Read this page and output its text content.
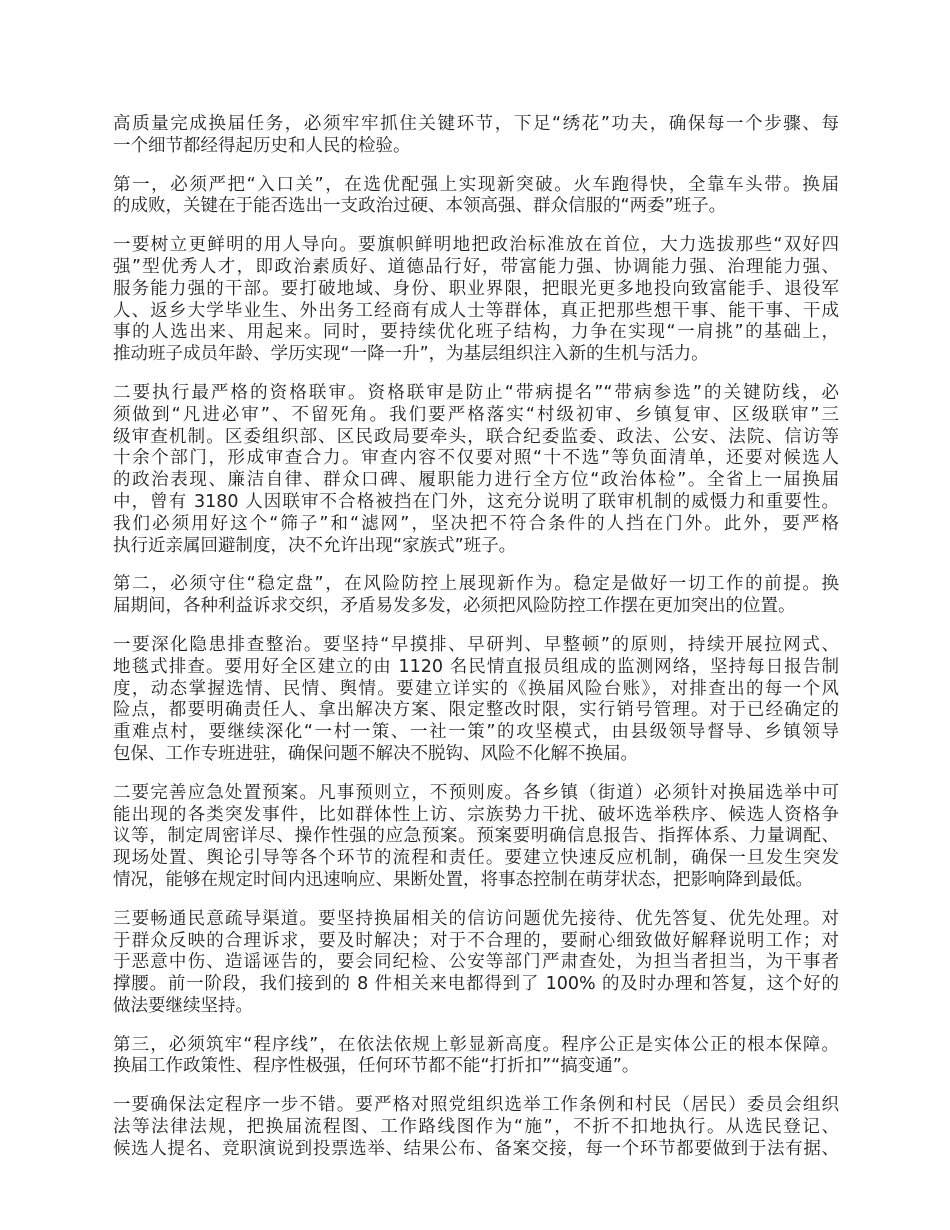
高质量完成换届任务，必须牢牢抓住关键环节，下足“绣花”功夫，确保每一个步骤、每
一个细节都经得起历史和人民的检验。
第一，必须严把“入口关”，在选优配强上实现新突破。火车跑得快，全靠车头带。换届
的成败，关键在于能否选出一支政治过硬、本领高强、群众信服的“两委”班子。
一要树立更鲜明的用人导向。要旗帜鲜明地把政治标准放在首位，大力选拔那些“双好四
强”型优秀人才，即政治素质好、道德品行好，带富能力强、协调能力强、治理能力强、
服务能力强的干部。要打破地域、身份、职业界限，把眼光更多地投向致富能手、退役军
人、返乡大学毕业生、外出务工经商有成人士等群体，真正把那些想干事、能干事、干成
事的人选出来、用起来。同时，要持续优化班子结构，力争在实现“一肩挑”的基础上，
推动班子成员年龄、学历实现“一降一升”，为基层组织注入新的生机与活力。
二要执行最严格的资格联审。资格联审是防止“带病提名”“带病参选”的关键防线，必
须做到“凡进必审”、不留死角。我们要严格落实“村级初审、乡镇复审、区级联审”三
级审查机制。区委组织部、区民政局要牵头，联合纪委监委、政法、公安、法院、信访等
十余个部门，形成审查合力。审查内容不仅要对照“十不选”等负面清单，还要对候选人
的政治表现、廉洁自律、群众口碑、履职能力进行全方位“政治体检”。全省上一届换届
中，曾有 3180 人因联审不合格被挡在门外，这充分说明了联审机制的威慑力和重要性。
我们必须用好这个“筛子”和“滤网”，坚决把不符合条件的人挡在门外。此外，要严格
执行近亲属回避制度，决不允许出现“家族式”班子。
第二，必须守住“稳定盘”，在风险防控上展现新作为。稳定是做好一切工作的前提。换
届期间，各种利益诉求交织，矛盾易发多发，必须把风险防控工作摆在更加突出的位置。
一要深化隐患排查整治。要坚持“早摸排、早研判、早整顿”的原则，持续开展拉网式、
地毯式排查。要用好全区建立的由 1120 名民情直报员组成的监测网络，坚持每日报告制
度，动态掌握选情、民情、舆情。要建立详实的《换届风险台账》，对排查出的每一个风
险点，都要明确责任人、拿出解决方案、限定整改时限，实行销号管理。对于已经确定的
重难点村，要继续深化“一村一策、一社一策”的攻坚模式，由县级领导督导、乡镇领导
包保、工作专班进驻，确保问题不解决不脱钩、风险不化解不换届。
二要完善应急处置预案。凡事预则立，不预则废。各乡镇（街道）必须针对换届选举中可
能出现的各类突发事件，比如群体性上访、宗族势力干扰、破坏选举秩序、候选人资格争
议等，制定周密详尽、操作性强的应急预案。预案要明确信息报告、指挥体系、力量调配、
现场处置、舆论引导等各个环节的流程和责任。要建立快速反应机制，确保一旦发生突发
情况，能够在规定时间内迅速响应、果断处置，将事态控制在萌芽状态，把影响降到最低。
三要畅通民意疏导渠道。要坚持换届相关的信访问题优先接待、优先答复、优先处理。对
于群众反映的合理诉求，要及时解决；对于不合理的，要耐心细致做好解释说明工作；对
于恶意中伤、造谣诬告的，要会同纪检、公安等部门严肃查处，为担当者担当，为干事者
撑腰。前一阶段，我们接到的 8 件相关来电都得到了 100% 的及时办理和答复，这个好的
做法要继续坚持。
第三，必须筑牢“程序线”，在依法依规上彰显新高度。程序公正是实体公正的根本保障。
换届工作政策性、程序性极强，任何环节都不能“打折扣”“搞变通”。
一要确保法定程序一步不错。要严格对照党组织选举工作条例和村民（居民）委员会组织
法等法律法规，把换届流程图、工作路线图作为“施”，不折不扣地执行。从选民登记、
候选人提名、竞职演说到投票选举、结果公布、备案交接，每一个环节都要做到于法有据、
